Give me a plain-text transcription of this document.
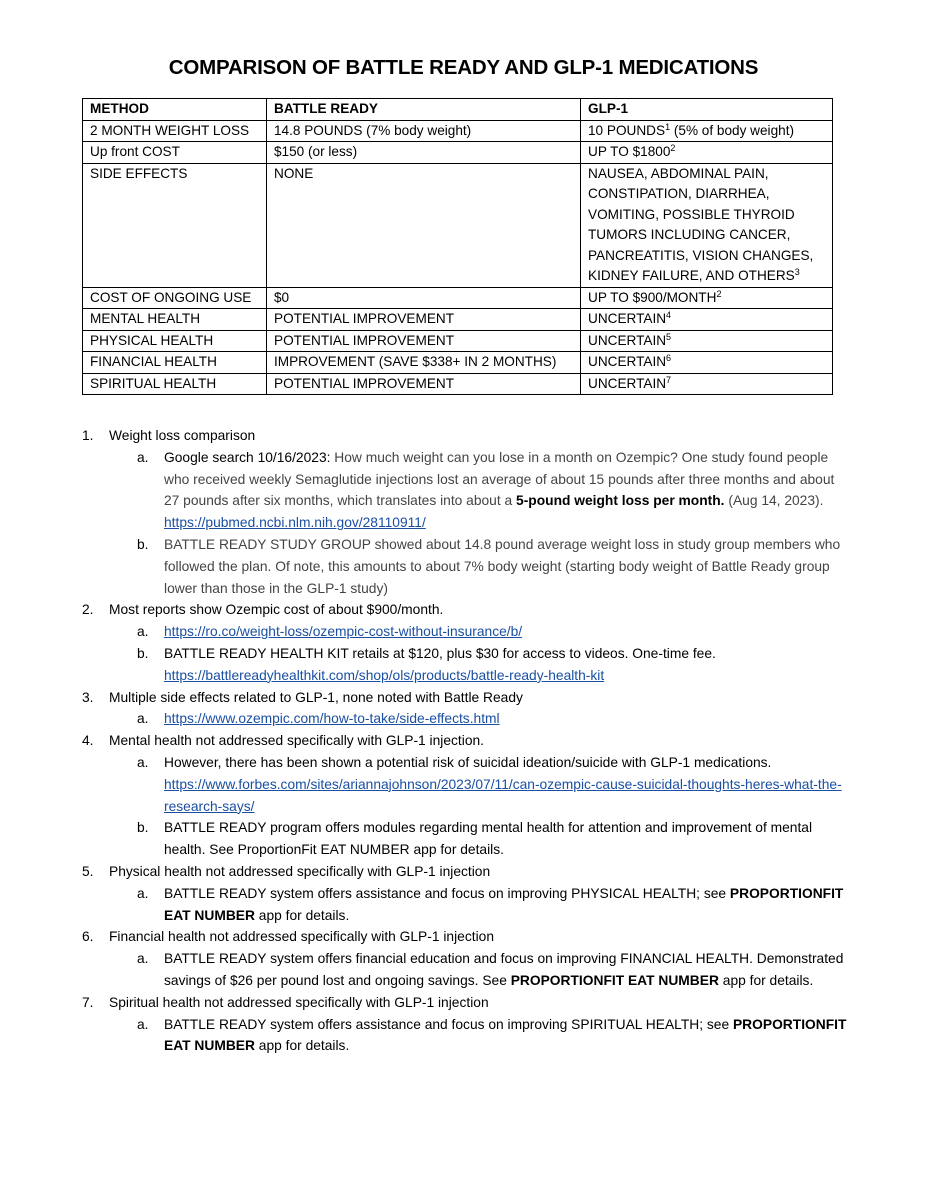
COMPARISON OF BATTLE READY AND GLP-1 MEDICATIONS
METHOD	BATTLE READY	GLP-1
2 MONTH WEIGHT LOSS	14.8 POUNDS (7% body weight)	10 POUNDS$^1$ (5% of body weight)
Up front COST	$150 (or less)	UP TO $1800$^2$
SIDE EFFECTS	NONE	NAUSEA, ABDOMINAL PAIN, CONSTIPATION, DIARRHEA, VOMITING, POSSIBLE THYROID TUMORS INCLUDING CANCER, PANCREATITIS, VISION CHANGES, KIDNEY FAILURE, AND OTHERS$^3$
COST OF ONGOING USE	$0	UP TO $900/MONTH$^2$
MENTAL HEALTH	POTENTIAL IMPROVEMENT	UNCERTAIN$^4$
PHYSICAL HEALTH	POTENTIAL IMPROVEMENT	UNCERTAIN$^5$
FINANCIAL HEALTH	IMPROVEMENT (SAVE $338+ IN 2 MONTHS)	UNCERTAIN$^6$
SPIRITUAL HEALTH	POTENTIAL IMPROVEMENT	UNCERTAIN$^7$
1. Weight loss comparison
a. Google search 10/16/2023: How much weight can you lose in a month on Ozempic? One study found people who received weekly Semaglutide injections lost an average of about 15 pounds after three months and about 27 pounds after six months, which translates into about a 5-pound weight loss per month. (Aug 14, 2023). https://pubmed.ncbi.nlm.nih.gov/28110911/
b. BATTLE READY STUDY GROUP showed about 14.8 pound average weight loss in study group members who followed the plan. Of note, this amounts to about 7% body weight (starting body weight of Battle Ready group lower than those in the GLP-1 study)
2. Most reports show Ozempic cost of about $900/month.
a. https://ro.co/weight-loss/ozempic-cost-without-insurance/b/
b. BATTLE READY HEALTH KIT retails at $120, plus $30 for access to videos. One-time fee. https://battlereadyhealthkit.com/shop/ols/products/battle-ready-health-kit
3. Multiple side effects related to GLP-1, none noted with Battle Ready
a. https://www.ozempic.com/how-to-take/side-effects.html
4. Mental health not addressed specifically with GLP-1 injection.
a. However, there has been shown a potential risk of suicidal ideation/suicide with GLP-1 medications. https://www.forbes.com/sites/ariannajohnson/2023/07/11/can-ozempic-cause-suicidal-thoughts-heres-what-the-research-says/
b. BATTLE READY program offers modules regarding mental health for attention and improvement of mental health. See ProportionFit EAT NUMBER app for details.
5. Physical health not addressed specifically with GLP-1 injection
a. BATTLE READY system offers assistance and focus on improving PHYSICAL HEALTH; see PROPORTIONFIT EAT NUMBER app for details.
6. Financial health not addressed specifically with GLP-1 injection
a. BATTLE READY system offers financial education and focus on improving FINANCIAL HEALTH. Demonstrated savings of $26 per pound lost and ongoing savings. See PROPORTIONFIT EAT NUMBER app for details.
7. Spiritual health not addressed specifically with GLP-1 injection
a. BATTLE READY system offers assistance and focus on improving SPIRITUAL HEALTH; see PROPORTIONFIT EAT NUMBER app for details.
